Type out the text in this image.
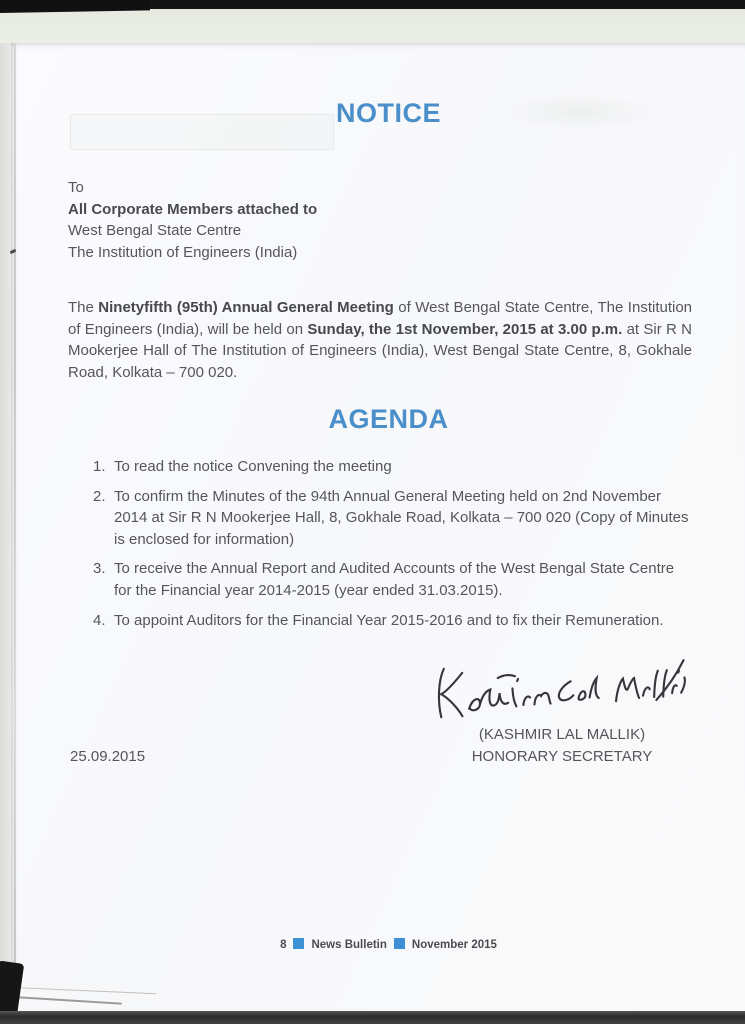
NOTICE
To
All Corporate Members attached to
West Bengal State Centre
The Institution of Engineers (India)

The Ninetyfifth (95th) Annual General Meeting of West Bengal State Centre, The Institution of Engineers (India), will be held on Sunday, the 1st November, 2015 at 3.00 p.m. at Sir R N Mookerjee Hall of The Institution of Engineers (India), West Bengal State Centre, 8, Gokhale Road, Kolkata – 700 020.

AGENDA
1. To read the notice Convening the meeting
2. To confirm the Minutes of the 94th Annual General Meeting held on 2nd November 2014 at Sir R N Mookerjee Hall, 8, Gokhale Road, Kolkata – 700 020 (Copy of Minutes is enclosed for information)
3. To receive the Annual Report and Audited Accounts of the West Bengal State Centre for the Financial year 2014-2015 (year ended 31.03.2015).
4. To appoint Auditors for the Financial Year 2015-2016 and to fix their Remuneration.
(KASHMIR LAL MALLIK)
HONORARY SECRETARY
25.09.2015
8 News Bulletin November 2015
